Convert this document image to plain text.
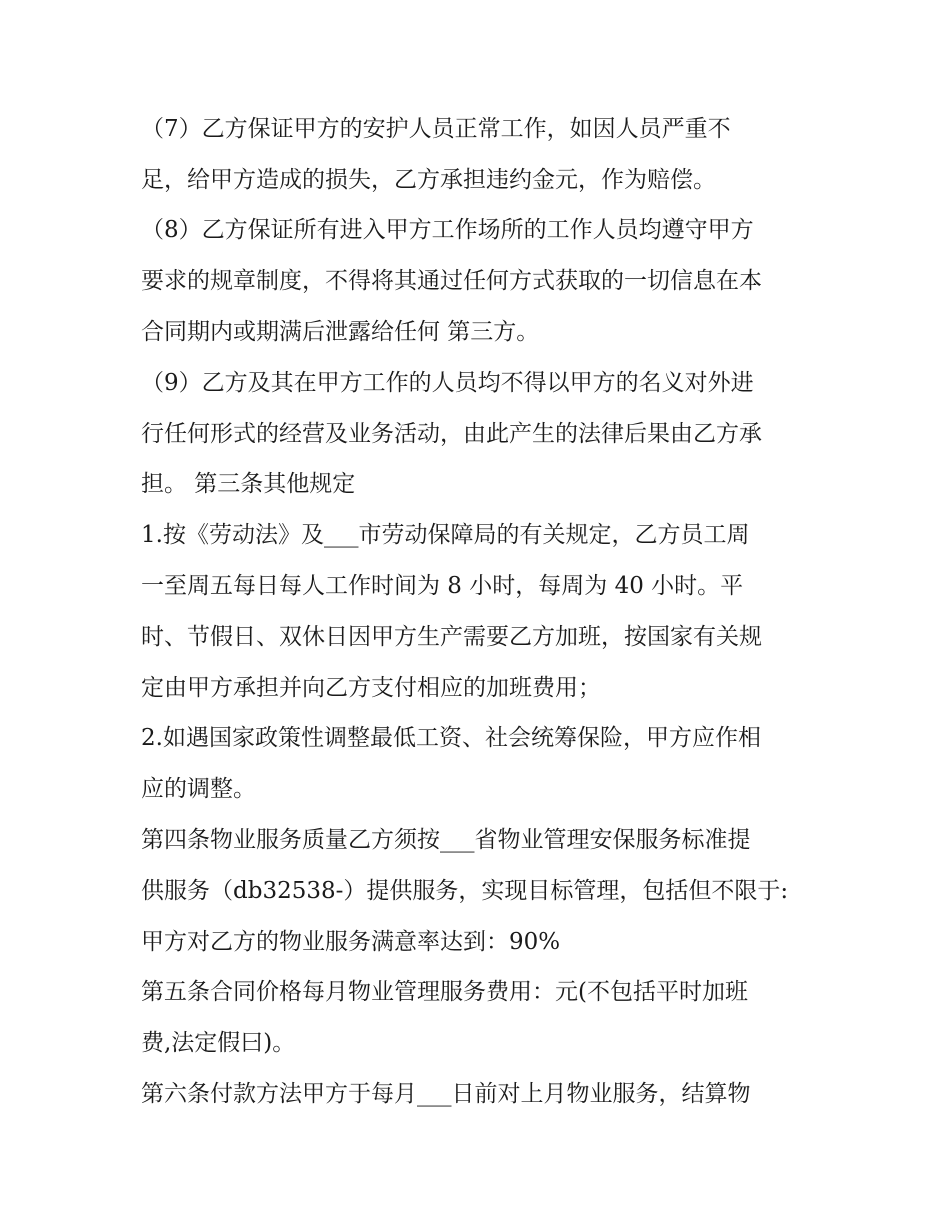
（7）乙方保证甲方的安护人员正常工作，如因人员严重不
足，给甲方造成的损失，乙方承担违约金元，作为赔偿。
（8）乙方保证所有进入甲方工作场所的工作人员均遵守甲方
要求的规章制度，不得将其通过任何方式获取的一切信息在本
合同期内或期满后泄露给任何 第三方。
（9）乙方及其在甲方工作的人员均不得以甲方的名义对外进
行任何形式的经营及业务活动，由此产生的法律后果由乙方承
担。 第三条其他规定
1.按《劳动法》及___市劳动保障局的有关规定，乙方员工周
一至周五每日每人工作时间为 8 小时，每周为 40 小时。平
时、节假日、双休日因甲方生产需要乙方加班，按国家有关规
定由甲方承担并向乙方支付相应的加班费用；
2.如遇国家政策性调整最低工资、社会统筹保险，甲方应作相
应的调整。
第四条物业服务质量乙方须按___省物业管理安保服务标准提
供服务（db32538-）提供服务，实现目标管理，包括但不限于:
甲方对乙方的物业服务满意率达到：90%
第五条合同价格每月物业管理服务费用：元(不包括平时加班
费,法定假曰)。
第六条付款方法甲方于每月___日前对上月物业服务，结算物
